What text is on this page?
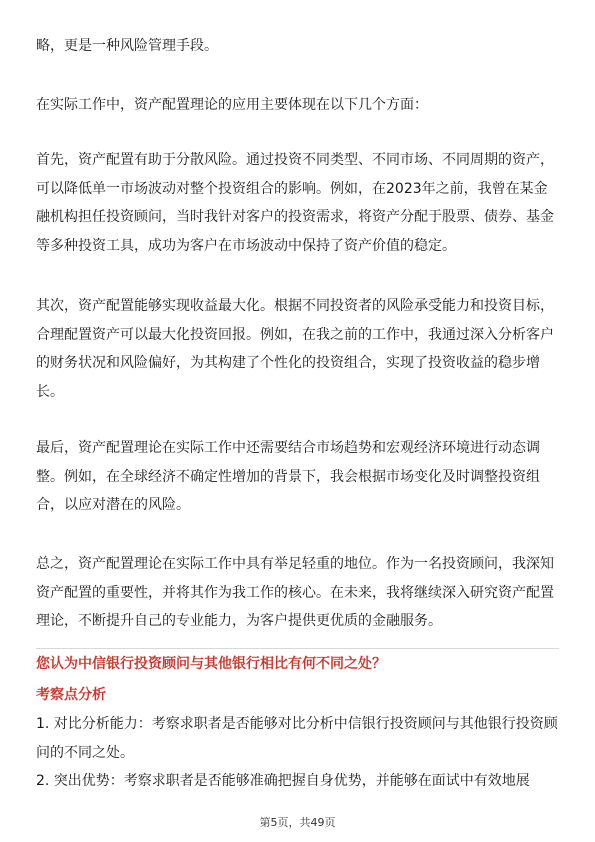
略，更是一种风险管理手段。

在实际工作中，资产配置理论的应用主要体现在以下几个方面：

首先，资产配置有助于分散风险。通过投资不同类型、不同市场、不同周期的资产，可以降低单一市场波动对整个投资组合的影响。例如，在2023年之前，我曾在某金融机构担任投资顾问，当时我针对客户的投资需求，将资产分配于股票、债券、基金等多种投资工具，成功为客户在市场波动中保持了资产价值的稳定。

其次，资产配置能够实现收益最大化。根据不同投资者的风险承受能力和投资目标，合理配置资产可以最大化投资回报。例如，在我之前的工作中，我通过深入分析客户的财务状况和风险偏好，为其构建了个性化的投资组合，实现了投资收益的稳步增长。

最后，资产配置理论在实际工作中还需要结合市场趋势和宏观经济环境进行动态调整。例如，在全球经济不确定性增加的背景下，我会根据市场变化及时调整投资组合，以应对潜在的风险。

总之，资产配置理论在实际工作中具有举足轻重的地位。作为一名投资顾问，我深知资产配置的重要性，并将其作为我工作的核心。在未来，我将继续深入研究资产配置理论，不断提升自己的专业能力，为客户提供更优质的金融服务。

您认为中信银行投资顾问与其他银行相比有何不同之处？

考察点分析

1. 对比分析能力：考察求职者是否能够对比分析中信银行投资顾问与其他银行投资顾问的不同之处。
2. 突出优势：考察求职者是否能够准确把握自身优势，并能够在面试中有效地展
第5页，共49页
